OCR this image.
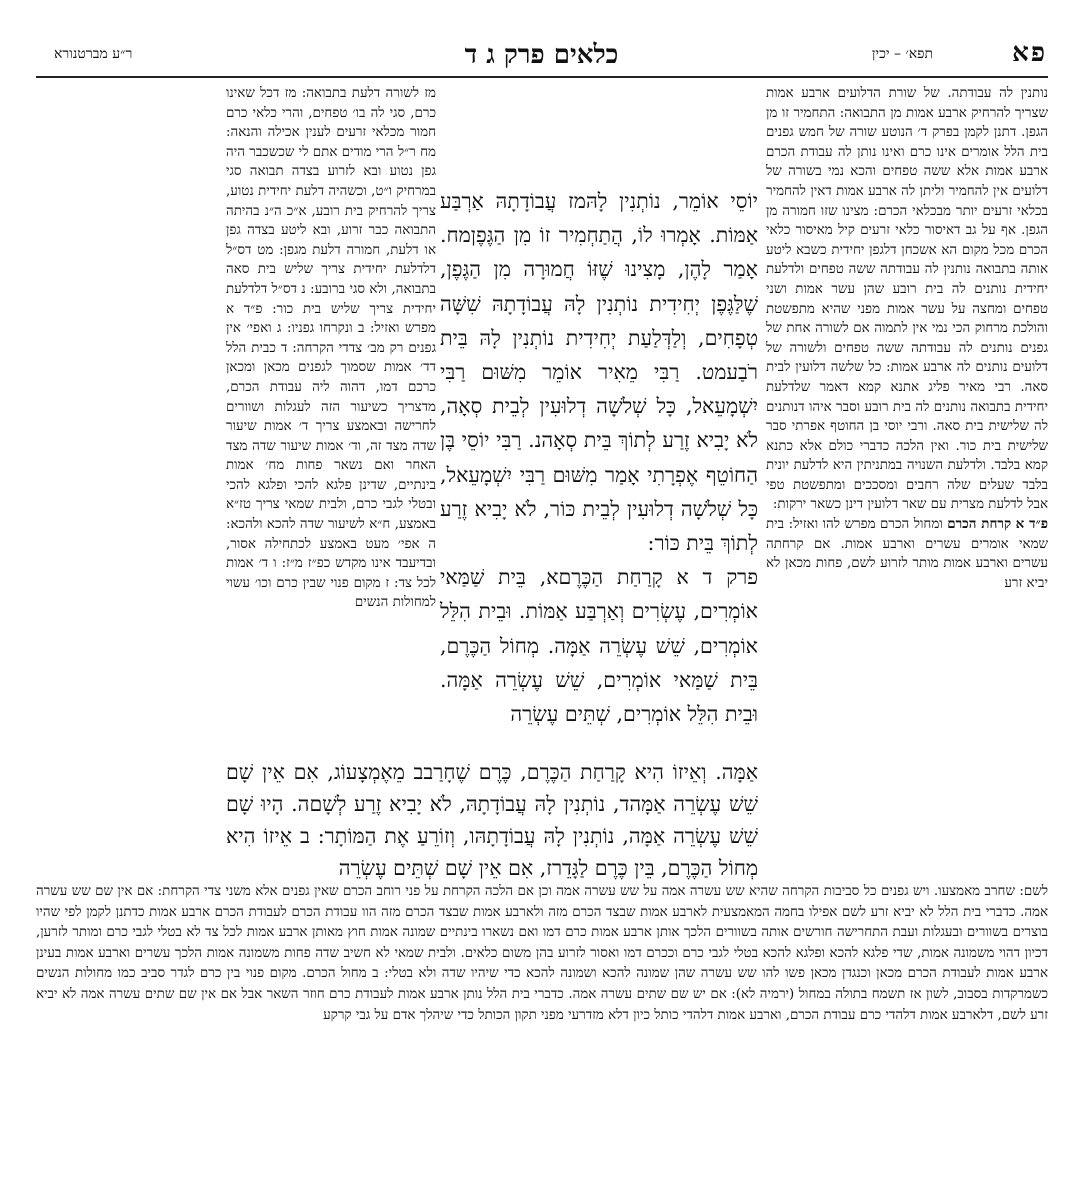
פא
תפא׳ – יכין
כלאים פרק ג ד
ר״ע מברטנורא

נותנין לה עבודתה. של שורת הדלועים ארבע אמות שצריך להרחיק ארבע אמות מן התבואה: התחמיר זו מן הגפן. דתנן לקמן בפרק ד׳ הנוטע שורה של חמש גפנים בית הלל אומרים אינו כרם ואינו נותן לה עבודת הכרם ארבע אמות אלא ששה טפחים והכא נמי בשורה של דלועים אין להחמיר וליתן לה ארבע אמות דאין להחמיר בכלאי זרעים יותר מבכלאי הכרם: מצינו שזו חמורה מן הגפן. אף על גב דאיסור כלאי זרעים קיל מאיסור כלאי הכרם מכל מקום הא אשכחן דלגפן יחידית כשבא ליטע אותה בתבואה נותנין לה עבודתה ששה טפחים ולדלעת יחידית נותנים לה בית רובע שהן עשר אמות ושני טפחים ומחצה על עשר אמות מפני שהיא מתפשטת והולכת מרחוק הכי נמי אין לתמוה אם לשורה אחת של גפנים נותנים לה עבודתה ששה טפחים ולשורה של דלועים נותנים לה ארבע אמות: כל שלשה דלועין לבית סאה. רבי מאיר פליג אתנא קמא דאמר שלדלעת יחידית בתבואה נותנים לה בית רובע וסבר איהו דנותנים לה שלישית בית סאה. ורבי יוסי בן החוטף אפרתי סבר שלישית בית כור. ואין הלכה כדברי כולם אלא כתנא קמא בלבד. ולדלעת השנויה במתניתין היא לדלעת יונית בלבד שעלים שלה רחבים ומסככים ומתפשטת טפי אבל לדלעת מצרית עם שאר דלועין דינן כשאר ירקות:

פ״ד א קרחת הכרם ומחול הכרם מפרש להו ואזיל: בית שמאי אומרים עשרים וארבע אמות. אם קרחתה עשרים וארבע אמות מותר לזרוע לשם, פחות מכאן לא יביא זרע

מז לשורה דלעת בתבואה: מז דכל שאינו כרם, סגי לה בו׳ טפחים, והרי כלאי כרם חמור מכלאי זרעים לענין אכילה והנאה: מח ר״ל הרי מודים אתם לי שכשכבר היה גפן נטוע ובא לזרוע בצדה תבואה סגי במרחיק ו״ט, וכשהיה דלעת יחידית נטוע, צריך להרחיק בית רובע, א״כ ה״נ בהיתה התבואה כבר זרוע, ובא ליטע בצדה גפן או דלעת, חמורה דלעת מגפן: מט דס״ל דלדלעת יחידית צריך שליש בית סאה בתבואה, ולא סגי ברובע: נ דס״ל דלדלעת יחידית צריך שליש בית כור: פ״ד א מפרש ואזיל: ב ונקרחו גפניו: ג ואפי׳ אין גפנים רק מב׳ צדדי הקרחה: ד כבית הלל דד׳ אמות שסמוך לגפנים מכאן ומכאן כרכם דמו, דהוה ליה עבודת הכרם, מדצריך כשיעור הזה לעגלות ושוורים לחרישה ובאמצע צריך ד׳ אמות שיעור שדה מצד זה, וד׳ אמות שיעור שדה מצד האחר ואם נשאר פחות מח׳ אמות בינתיים, שדינן פלגא להכי ופלגא להכי ובטלי לגבי כרם, ולבית שמאי צריך טז״א באמצע, ח״א לשיעור שדה להכא ולהכא: ה אפי׳ מעט באמצע לכתחילה אסור, ובדיעבד אינו מקדש כפ״ז מ״ז: ו ד׳ אמות לכל צד: ז מקום פנוי שבין כרם וכו׳ עשוי למחולות הנשים

יוֹסֵי אוֹמֵר, נוֹתְנִין לָהּמז עֲבוֹדָתָהּ אַרְבַּע אַמּוֹת. אָמְרוּ לוֹ, הֲתַחְמִיר זוֹ מִן הַגֶּפֶןמח. אָמַר לָהֶן, מָצִינוּ שֶׁזּוֹ חֲמוּרָה מִן הַגֶּפֶן, שֶׁלַּגֶּפֶן יְחִידִית נוֹתְנִין לָהּ עֲבוֹדָתָהּ שִׁשָּׁה טְפָחִים, וְלַדְּלַעַת יְחִידִית נוֹתְנִין לָהּ בֵּית רֹבַעמט. רַבִּי מֵאִיר אוֹמֵר מִשּׁוּם רַבִּי יִשְׁמָעֵאל, כָּל שְׁלֹשָׁה דְלוּעִין לְבֵית סְאָה, לֹא יָבִיא זֶרַע לְתוֹךְ בֵּית סְאָהנ. רַבִּי יוֹסֵי בֶּן הַחוֹטֵף אֶפְרָתִי אָמַר מִשּׁוּם רַבִּי יִשְׁמָעֵאל, כָּל שְׁלֹשָׁה דְלוּעִין לְבֵית כּוֹר, לֹא יָבִיא זֶרַע לְתוֹךְ בֵּית כּוֹר:

פרק ד א קָרַחַת הַכֶּרֶםא, בֵּית שַׁמַּאי אוֹמְרִים, עֶשְׂרִים וְאַרְבַּע אַמּוֹת. וּבֵית הִלֵּל אוֹמְרִים, שֵׁשׁ עֶשְׂרֵה אַמָּה. מְחוֹל הַכֶּרֶם, בֵּית שַׁמַּאי אוֹמְרִים, שֵׁשׁ עֶשְׂרֵה אַמָּה. וּבֵית הִלֵּל אוֹמְרִים, שְׁתֵּים עֶשְׂרֵה

אַמָּה. וְאֵיזוֹ הִיא קָרַחַת הַכֶּרֶם, כֶּרֶם שֶׁחָרַבב מֵאֶמְצָעוֹג, אִם אֵין שָׁם שֵׁשׁ עֶשְׂרֵה אַמָּהד, נוֹתְנִין לָהּ עֲבוֹדָתָהּ, לֹא יָבִיא זֶרַע לְשָׁםה. הָיוּ שָׁם שֵׁשׁ עֶשְׂרֵה אַמָּה, נוֹתְנִין לָהּ עֲבוֹדָתָהּו, וְזוֹרֵעַ אֶת הַמּוֹתָר: ב אֵיזוֹ הִיא מְחוֹל הַכֶּרֶם, בֵּין כֶּרֶם לַגָּדֵרז, אִם אֵין שָׁם שְׁתֵּים עֶשְׂרֵה

לשם: שחרב מאמצעו. ויש גפנים כל סביבות הקרחה שהיא שש עשרה אמה על שש עשרה אמה וכן אם הלכה הקרחת על פני רוחב הכרם שאין גפנים אלא משני צדי הקרחת: אם אין שם שש עשרה אמה. כדברי בית הלל לא יביא זרע לשם אפילו בחמה המאמצעית לארבע אמות שבצד הכרם מזה ולארבע אמות שבצד הכרם מזה הוו עבודת הכרם לעבודת הכרם ארבע אמות כדתנן לקמן לפי שהיו בוצרים בשוורים ובעגלות ועבת התחרישה חורשים אותה בשוורים הלכך אותן ארבע אמות כרם דמו ואם נשארו בינתיים שמונה אמות חוץ מאותן ארבע אמות לכל צד לא בטלי לגבי כרם ומותר לזרען, דכיון דהוי משמונה אמות, שדי פלגא להכא ופלגא להכא בטלי לגבי כרם וככרם דמו ואסור לזרוע בהן משום כלאים. ולבית שמאי לא חשיב שדה פחות משמונה אמות הלכך עשרים וארבע אמות בעינן ארבע אמות לעבודת הכרם מכאן וכנגדן מכאן פשו להו שש עשרה שהן שמונה להכא ושמונה להכא כדי שיהיו שדה ולא בטלי: ב מחול הכרם. מקום פנוי בין כרם לגדר סביב כמו מחולות הנשים כשמרקדות בסבוב, לשון אז תשמח בתולה במחול (ירמיה לא): אם יש שם שתים עשרה אמה. כדברי בית הלל נותן ארבע אמות לעבודת כרם חוזר השאר אבל אם אין שם שתים עשרה אמה לא יביא זרע לשם, דלארבע אמות דלהדי כרם עבודת הכרם, וארבע אמות דלהדי כותל כיון דלא מזדרעי מפני תקון הכותל כדי שיהלך אדם על גבי קרקע
